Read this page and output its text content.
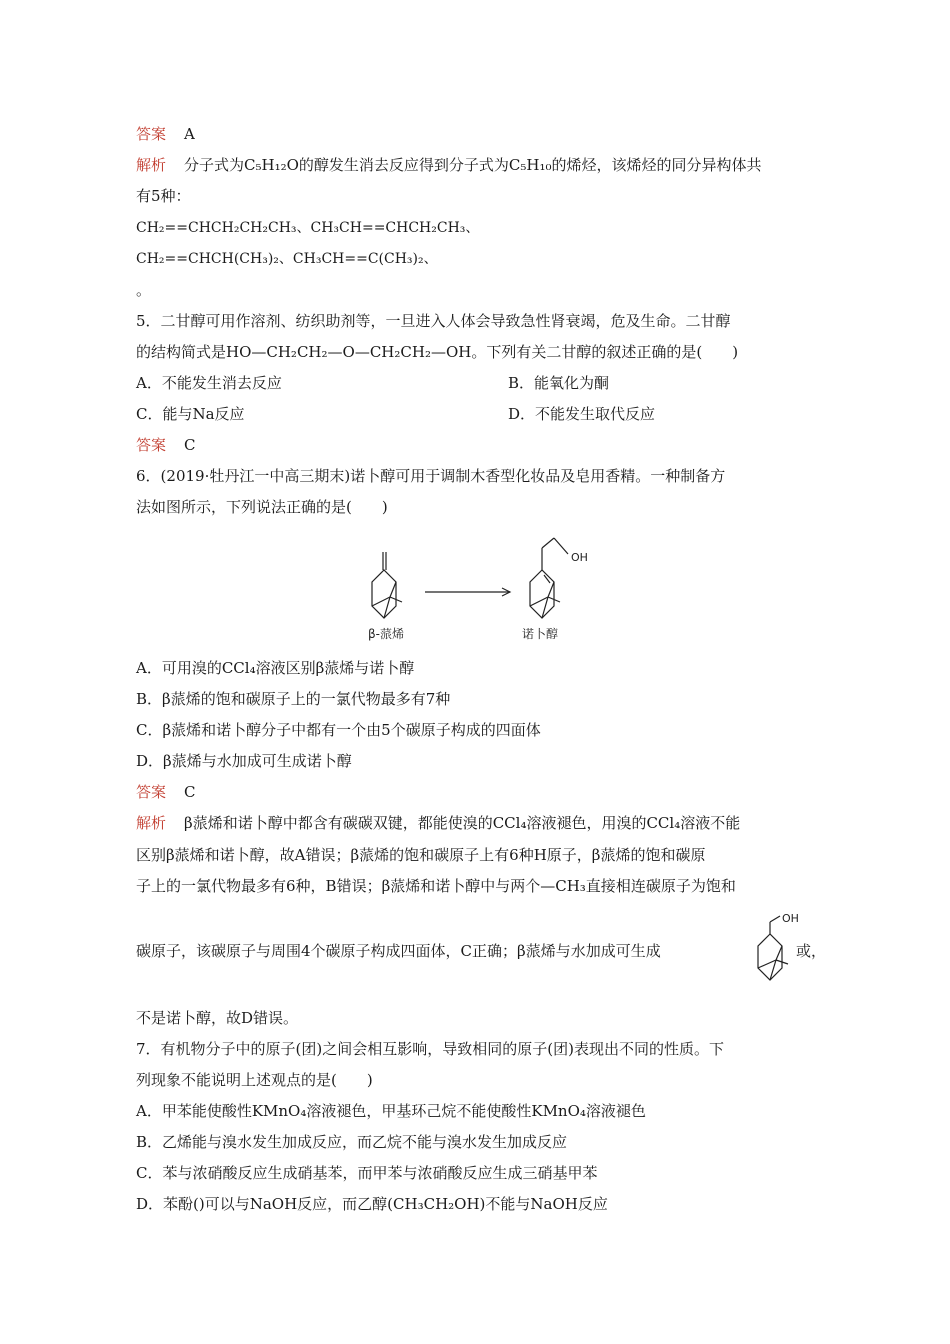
答案 A
解析 分子式为C₅H₁₂O的醇发生消去反应得到分子式为C₅H₁₀的烯烃，该烯烃的同分异构体共
有5种：
CH₂==CHCH₂CH₂CH₃、CH₃CH==CHCH₂CH₃、
CH₂==CHCH(CH₃)₂、CH₃CH==C(CH₃)₂、
。
5．二甘醇可用作溶剂、纺织助剂等，一旦进入人体会导致急性肾衰竭，危及生命。二甘醇
的结构简式是HO—CH₂CH₂—O—CH₂CH₂—OH。下列有关二甘醇的叙述正确的是(　　)
A．不能发生消去反应	B．能氧化为酮
C．能与Na反应	D．不能发生取代反应
答案 C
6．(2019·牡丹江一中高三期末)诺卜醇可用于调制木香型化妆品及皂用香精。一种制备方
法如图所示，下列说法正确的是(　　)
OH
β-蒎烯	诺卜醇
A．可用溴的CCl₄溶液区别β蒎烯与诺卜醇
B．β蒎烯的饱和碳原子上的一氯代物最多有7种
C．β蒎烯和诺卜醇分子中都有一个由5个碳原子构成的四面体
D．β蒎烯与水加成可生成诺卜醇
答案 C
解析 β蒎烯和诺卜醇中都含有碳碳双键，都能使溴的CCl₄溶液褪色，用溴的CCl₄溶液不能
区别β蒎烯和诺卜醇，故A错误；β蒎烯的饱和碳原子上有6种H原子，β蒎烯的饱和碳原
子上的一氯代物最多有6种，B错误；β蒎烯和诺卜醇中与两个—CH₃直接相连碳原子为饱和
碳原子，该碳原子与周围4个碳原子构成四面体，C正确；β蒎烯与水加成可生成
OH
或，
不是诺卜醇，故D错误。
7．有机物分子中的原子(团)之间会相互影响，导致相同的原子(团)表现出不同的性质。下
列现象不能说明上述观点的是(　　)
A．甲苯能使酸性KMnO₄溶液褪色，甲基环己烷不能使酸性KMnO₄溶液褪色
B．乙烯能与溴水发生加成反应，而乙烷不能与溴水发生加成反应
C．苯与浓硝酸反应生成硝基苯，而甲苯与浓硝酸反应生成三硝基甲苯
D．苯酚()可以与NaOH反应，而乙醇(CH₃CH₂OH)不能与NaOH反应
